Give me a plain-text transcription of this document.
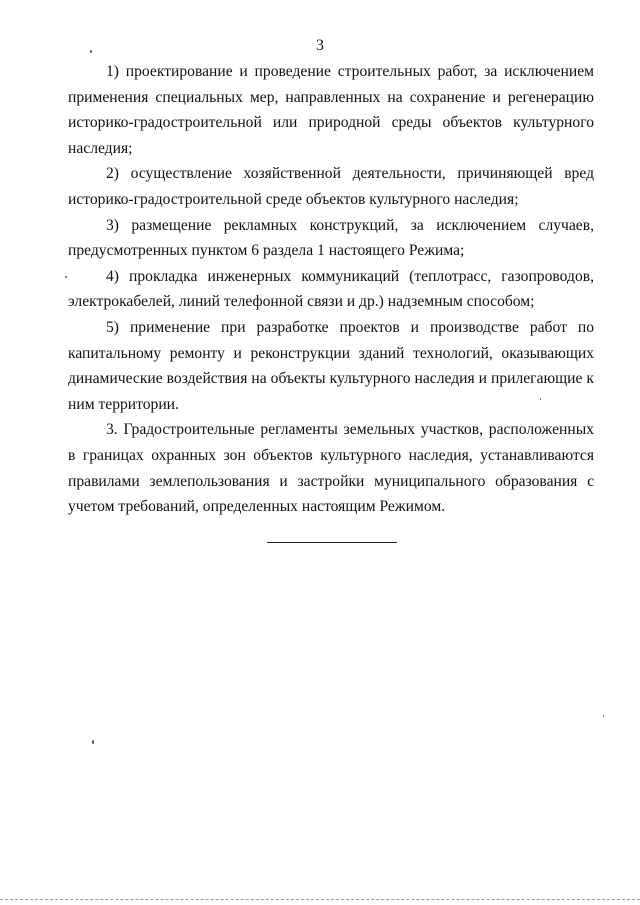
3

1) проектирование и проведение строительных работ, за исключением применения специальных мер, направленных на сохранение и регенерацию историко-градостроительной или природной среды объектов культурного наследия;

2) осуществление хозяйственной деятельности, причиняющей вред историко-градостроительной среде объектов культурного наследия;

3) размещение рекламных конструкций, за исключением случаев, предусмотренных пунктом 6 раздела 1 настоящего Режима;

4) прокладка инженерных коммуникаций (теплотрасс, газопроводов, электрокабелей, линий телефонной связи и др.) надземным способом;

5) применение при разработке проектов и производстве работ по капитальному ремонту и реконструкции зданий технологий, оказывающих динамические воздействия на объекты культурного наследия и прилегающие к ним территории.

3. Градостроительные регламенты земельных участков, расположенных в границах охранных зон объектов культурного наследия, устанавливаются правилами землепользования и застройки муниципального образования с учетом требований, определенных настоящим Режимом.
